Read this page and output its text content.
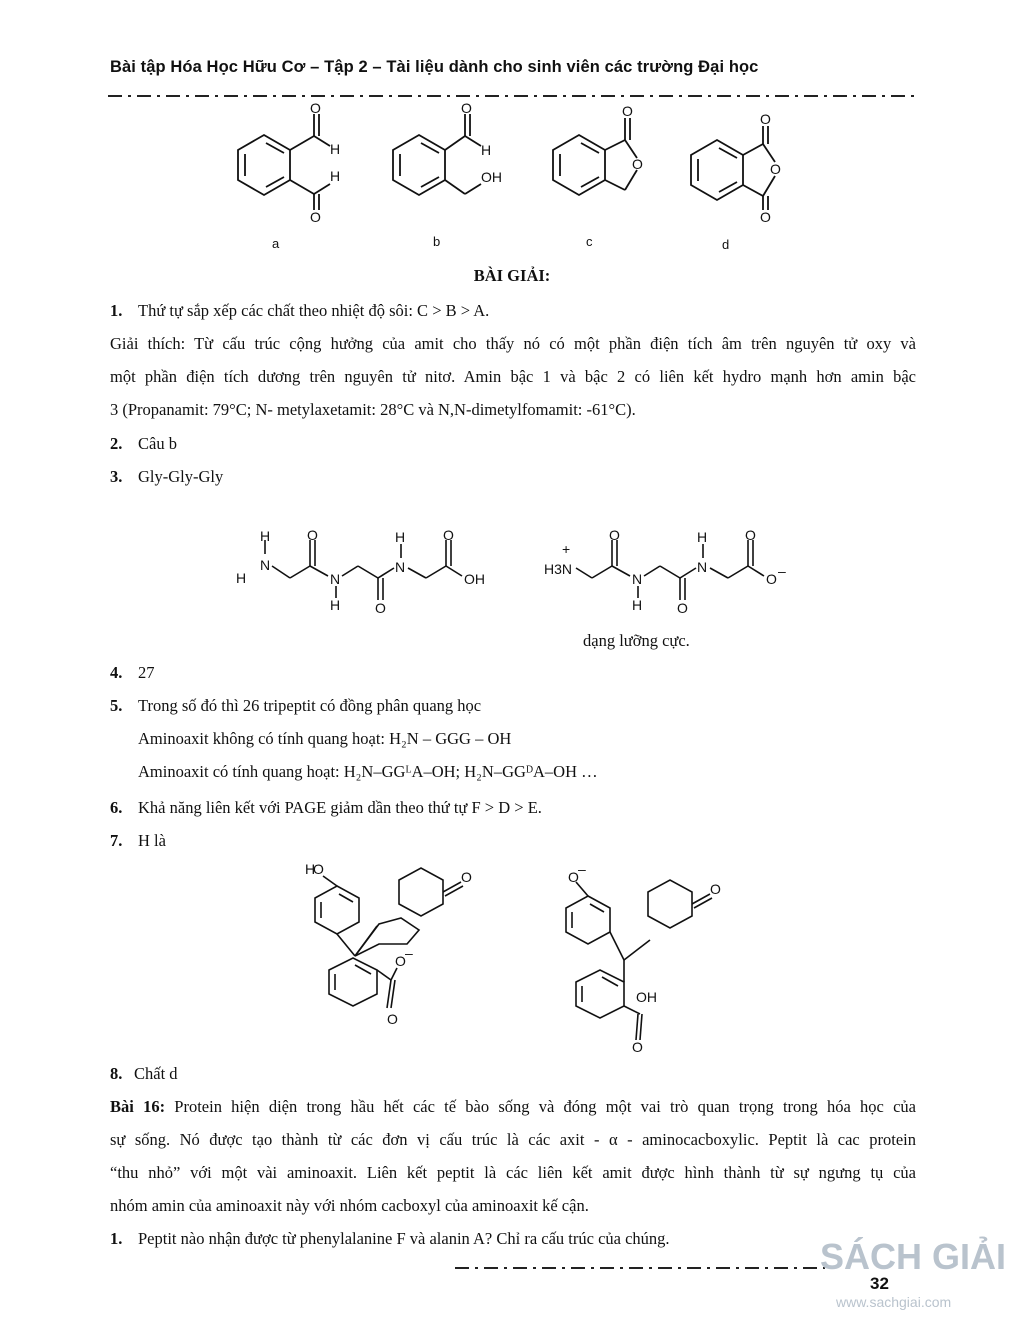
Bài tập Hóa Học Hữu Cơ – Tập 2 – Tài liệu dành cho sinh viên các trường Đại học
O
H
H
O
O
H
OH
O
O
O
O
O
a	b	c	d
BÀI GIẢI:
1. Thứ tự sắp xếp các chất theo nhiệt độ sôi: C > B > A.
Giải thích: Từ cấu trúc cộng hưởng của amit cho thấy nó có một phần điện tích âm trên nguyên tử oxy và
một phần điện tích dương trên nguyên tử nitơ. Amin bậc 1 và bậc 2 có liên kết hydro mạnh hơn amin bậc
3 (Propanamit: 79°C; N- metylaxetamit: 28°C và N,N-dimetylfomamit: -61°C).
2. Câu b
3. Gly-Gly-Gly
H
N
H
O
N
H O
H
N
O
OH
+
H3N
O
N
H O
H
N
O
O –
dạng lưỡng cực.
4. 27
5. Trong số đó thì 26 tripeptit có đồng phân quang học
Aminoaxit không có tính quang hoạt: H₂N – GGG – OH
Aminoaxit có tính quang hoạt: H₂N–GGᴸA–OH; H₂N–GGᴰA–OH …
6. Khả năng liên kết với PAGE giảm dần theo thứ tự F > D > E.
7. H là
H
O	O
O
O –
O –
O
OH
O
8. Chất d
Bài 16: Protein hiện diện trong hầu hết các tế bào sống và đóng một vai trò quan trọng trong hóa học của
sự sống. Nó được tạo thành từ các đơn vị cấu trúc là các axit - α - aminocacboxylic. Peptit là cac protein
“thu nhỏ” với một vài aminoaxit. Liên kết peptit là các liên kết amit được hình thành từ sự ngưng tụ của
nhóm amin của aminoaxit này với nhóm cacboxyl của aminoaxit kế cận.
1. Peptit nào nhận được từ phenylalanine F và alanin A? Chỉ ra cấu trúc của chúng.
32
SÁCH GIẢI
www.sachgiai.com
